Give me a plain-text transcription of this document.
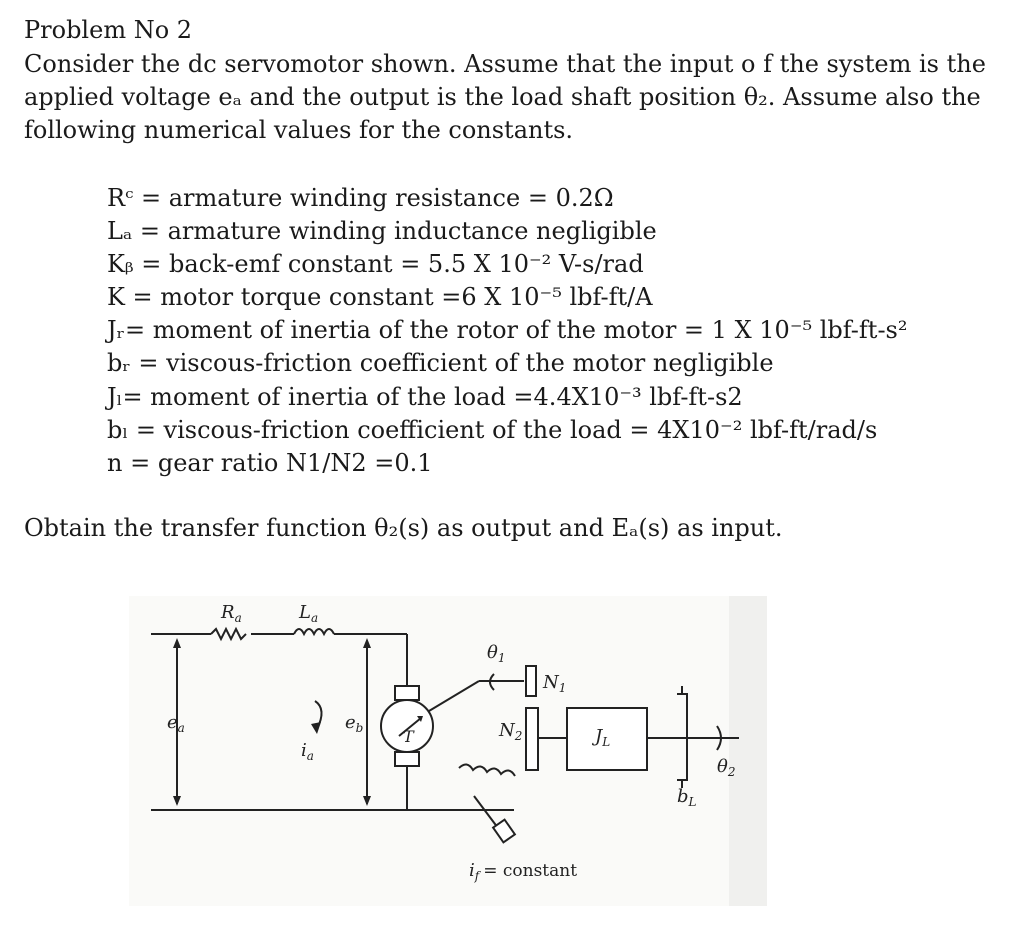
Problem No 2
Consider the dc servomotor shown. Assume that the input o f the system is the applied voltage eₐ and the output is the load shaft position θ₂. Assume also the following numerical values for the constants.
Rᶜ = armature winding resistance = 0.2Ω
Lₐ = armature winding inductance negligible
Kᵦ = back-emf constant = 5.5 X 10⁻² V-s/rad
K = motor torque constant =6 X 10⁻⁵ lbf-ft/A
Jᵣ= moment of inertia of the rotor of the motor = 1 X 10⁻⁵ lbf-ft-s²
bᵣ = viscous-friction coefficient of the motor negligible
Jₗ= moment of inertia of the load =4.4X10⁻³ lbf-ft-s2
bₗ = viscous-friction coefficient of the load = 4X10⁻² lbf-ft/rad/s
n = gear ratio N1/N2 =0.1
Obtain the transfer function θ₂(s) as output and Eₐ(s) as input.
$R_a$	$L_a$
$e_a$	$e_b$
$i_a$
T
$\theta_1$
$N_1$
$N_2$	$J_L$
$b_L$
$\theta_2$
$i_f$ = constant
